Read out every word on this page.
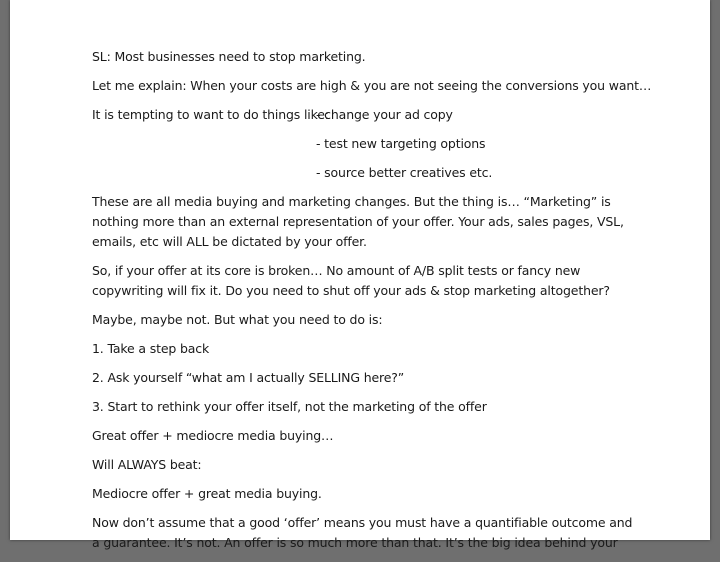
SL: Most businesses need to stop marketing.

Let me explain: When your costs are high & you are not seeing the conversions you want…

It is tempting to want to do things like:
- change your ad copy

- test new targeting options

- source better creatives etc.

These are all media buying and marketing changes. But the thing is… “Marketing” is nothing more than an external representation of your offer. Your ads, sales pages, VSL, emails, etc will ALL be dictated by your offer.

So, if your offer at its core is broken… No amount of A/B split tests or fancy new copywriting will fix it. Do you need to shut off your ads & stop marketing altogether?

Maybe, maybe not. But what you need to do is:

1. Take a step back

2. Ask yourself “what am I actually SELLING here?”

3. Start to rethink your offer itself, not the marketing of the offer

Great offer + mediocre media buying…

Will ALWAYS beat:

Mediocre offer + great media buying.

Now don’t assume that a good ‘offer’ means you must have a quantifiable outcome and a guarantee. It’s not. An offer is so much more than that. It’s the big idea behind your
